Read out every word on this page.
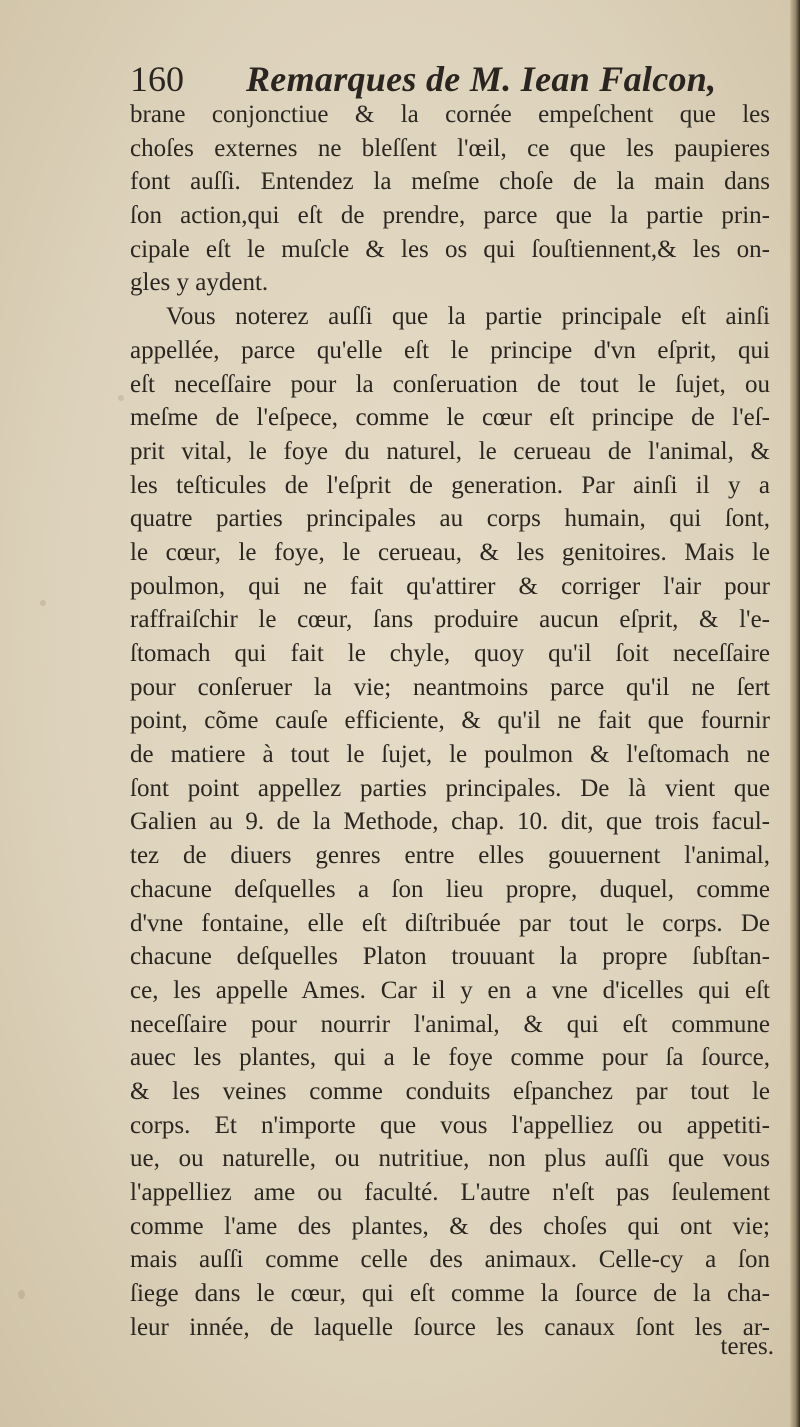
160 Remarques de M. Iean Falcon,
brane conjonctiue & la cornée empeſchent que les
choſes externes ne bleſſent l'œil, ce que les paupieres
font auſſi. Entendez la meſme choſe de la main dans
ſon action,qui eſt de prendre, parce que la partie prin-
cipale eſt le muſcle & les os qui ſouſtiennent,& les on-
gles y aydent.
Vous noterez auſſi que la partie principale eſt ainſi
appellée, parce qu'elle eſt le principe d'vn eſprit, qui
eſt neceſſaire pour la conſeruation de tout le ſujet, ou
meſme de l'eſpece, comme le cœur eſt principe de l'eſ-
prit vital, le foye du naturel, le cerueau de l'animal, &
les teſticules de l'eſprit de generation. Par ainſi il y a
quatre parties principales au corps humain, qui ſont,
le cœur, le foye, le cerueau, & les genitoires. Mais le
poulmon, qui ne fait qu'attirer & corriger l'air pour
raffraiſchir le cœur, ſans produire aucun eſprit, & l'e-
ſtomach qui fait le chyle, quoy qu'il ſoit neceſſaire
pour conſeruer la vie; neantmoins parce qu'il ne ſert
point, cõme cauſe efficiente, & qu'il ne fait que fournir
de matiere à tout le ſujet, le poulmon & l'eſtomach ne
ſont point appellez parties principales. De là vient que
Galien au 9. de la Methode, chap. 10. dit, que trois facul-
tez de diuers genres entre elles gouuernent l'animal,
chacune deſquelles a ſon lieu propre, duquel, comme
d'vne fontaine, elle eſt diſtribuée par tout le corps. De
chacune deſquelles Platon trouuant la propre ſubſtan-
ce, les appelle Ames. Car il y en a vne d'icelles qui eſt
neceſſaire pour nourrir l'animal, & qui eſt commune
auec les plantes, qui a le foye comme pour ſa ſource,
& les veines comme conduits eſpanchez par tout le
corps. Et n'importe que vous l'appelliez ou appetiti-
ue, ou naturelle, ou nutritiue, non plus auſſi que vous
l'appelliez ame ou faculté. L'autre n'eſt pas ſeulement
comme l'ame des plantes, & des choſes qui ont vie;
mais auſſi comme celle des animaux. Celle-cy a ſon
ſiege dans le cœur, qui eſt comme la ſource de la cha-
leur innée, de laquelle ſource les canaux ſont les ar-
teres.
